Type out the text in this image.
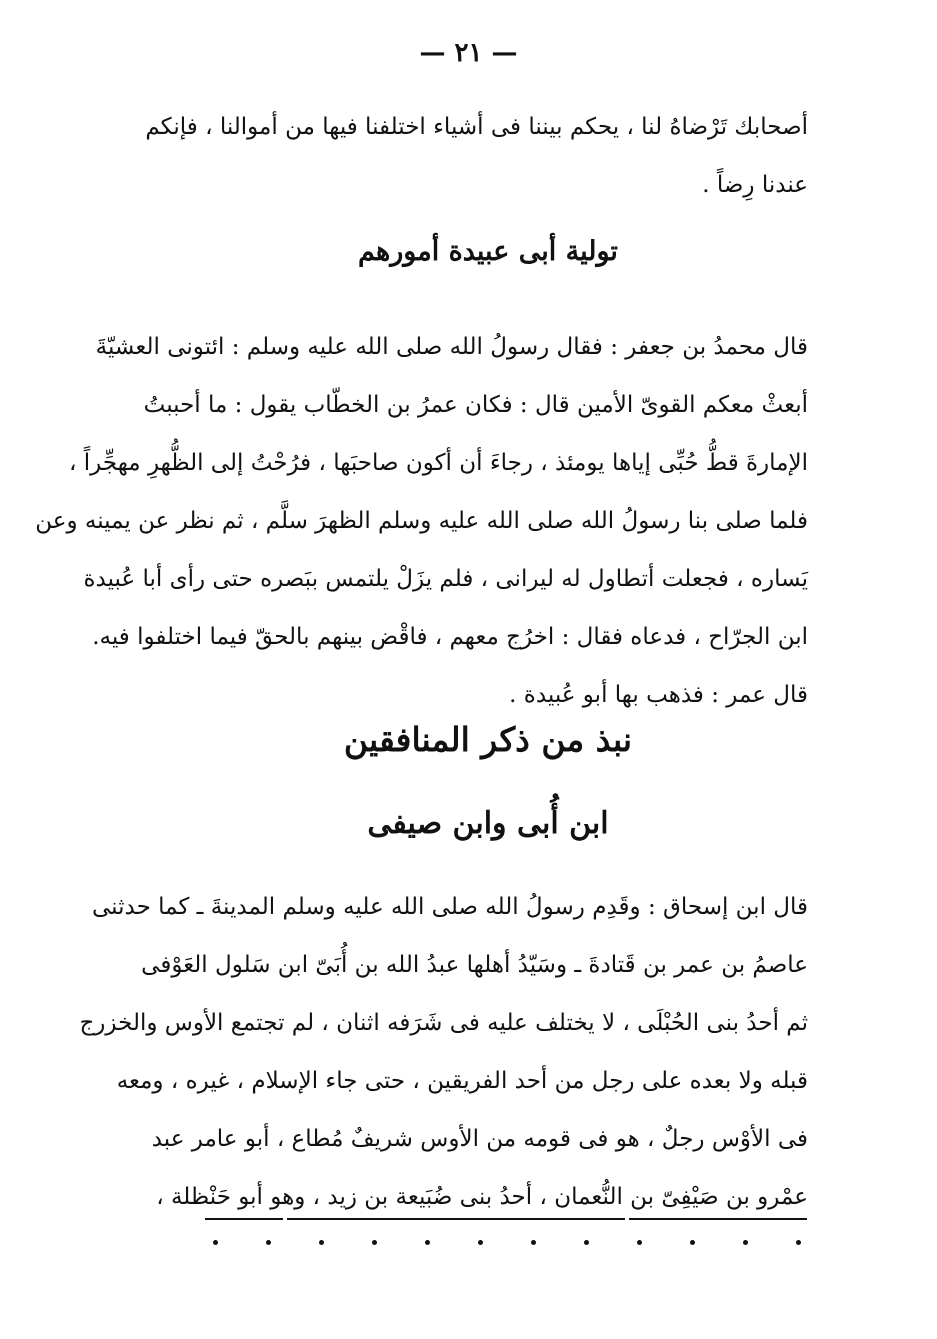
— ٢١ —
أصحابك تَرْضاهُ لنا ، يحكم بيننا فى أشياء اختلفنا فيها من أموالنا ، فإنكم
عندنا رِضاً .
تولية أبى عبيدة أمورهم
قال محمدُ بن جعفر : فقال رسولُ الله صلى الله عليه وسلم : ائتونى العشيّةَ
أبعثْ معكم القوىّ الأمين قال : فكان عمرُ بن الخطّاب يقول : ما أحببتُ
الإمارةَ قطُّ حُبِّى إياها يومئذ ، رجاءَ أن أكون صاحبَها ، فرُحْتُ إلى الظُّهرِ مهجِّراً ،
فلما صلى بنا رسولُ الله صلى الله عليه وسلم الظهرَ سلَّم ، ثم نظر عن يمينه وعن
يَساره ، فجعلت أتطاول له ليرانى ، فلم يزَلْ يلتمس ببَصره حتى رأى أبا عُبيدة
ابن الجرّاح ، فدعاه فقال : اخرُج معهم ، فاقْض بينهم بالحقّ فيما اختلفوا فيه.
قال عمر : فذهب بها أبو عُبيدة .
نبذ من ذكر المنافقين
ابن أُبى وابن صيفى
قال ابن إسحاق : وقَدِم رسولُ الله صلى الله عليه وسلم المدينةَ ـ كما حدثنى
عاصمُ بن عمر بن قَتادةَ ـ وسَيّدُ أهلها عبدُ الله بن أُبَىّ ابن سَلول العَوْفى
ثم أحدُ بنى الحُبْلَى ، لا يختلف عليه فى شَرَفه اثنان ، لم تجتمع الأوس والخزرج
قبله ولا بعده على رجل من أحد الفريقين ، حتى جاء الإسلام ، غيره ، ومعه
فى الأوْس رجلٌ ، هو فى قومه من الأوس شريفٌ مُطاع ، أبو عامر عبد
عمْرو بن صَيْفِىّ بن النُّعمان ، أحدُ بنى ضُبَيعة بن زيد ، وهو أبو حَنْظلة ،
